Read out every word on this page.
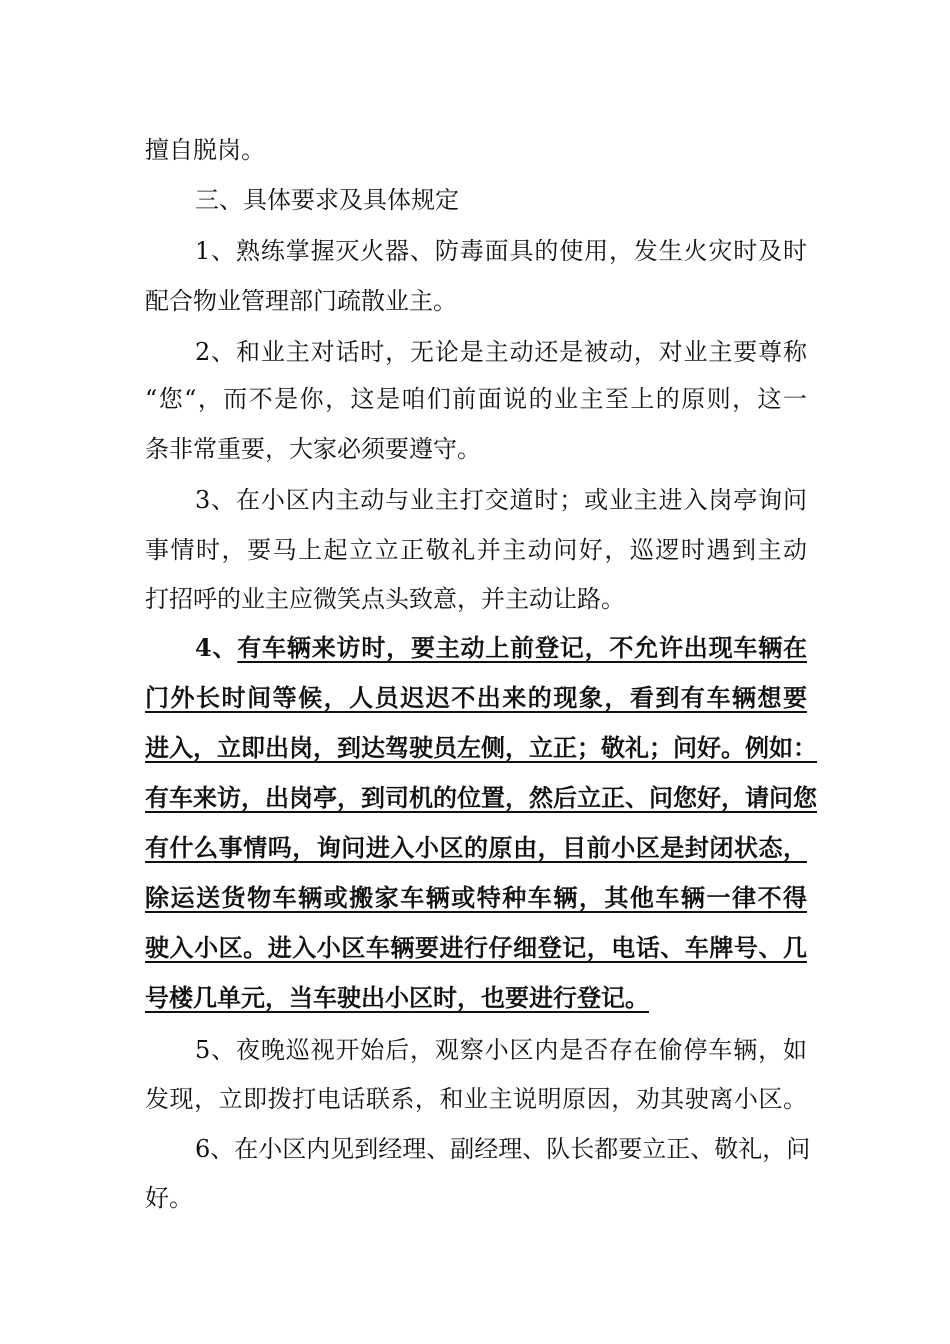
擅自脱岗。
三、具体要求及具体规定
1、熟练掌握灭火器、防毒面具的使用，发生火灾时及时
配合物业管理部门疏散业主。
2、和业主对话时，无论是主动还是被动，对业主要尊称
“您“，而不是你，这是咱们前面说的业主至上的原则，这一
条非常重要，大家必须要遵守。
3、在小区内主动与业主打交道时；或业主进入岗亭询问
事情时，要马上起立立正敬礼并主动问好，巡逻时遇到主动
打招呼的业主应微笑点头致意，并主动让路。
4、有车辆来访时，要主动上前登记，不允许出现车辆在
门外长时间等候，人员迟迟不出来的现象，看到有车辆想要
进入，立即出岗，到达驾驶员左侧，立正；敬礼；问好。例如：
有车来访，出岗亭，到司机的位置，然后立正、问您好，请问您
有什么事情吗，询问进入小区的原由，目前小区是封闭状态，
除运送货物车辆或搬家车辆或特种车辆，其他车辆一律不得
驶入小区。进入小区车辆要进行仔细登记，电话、车牌号、几
号楼几单元，当车驶出小区时，也要进行登记。
5、夜晚巡视开始后，观察小区内是否存在偷停车辆，如
发现，立即拨打电话联系，和业主说明原因，劝其驶离小区。
6、在小区内见到经理、副经理、队长都要立正、敬礼，问
好。
